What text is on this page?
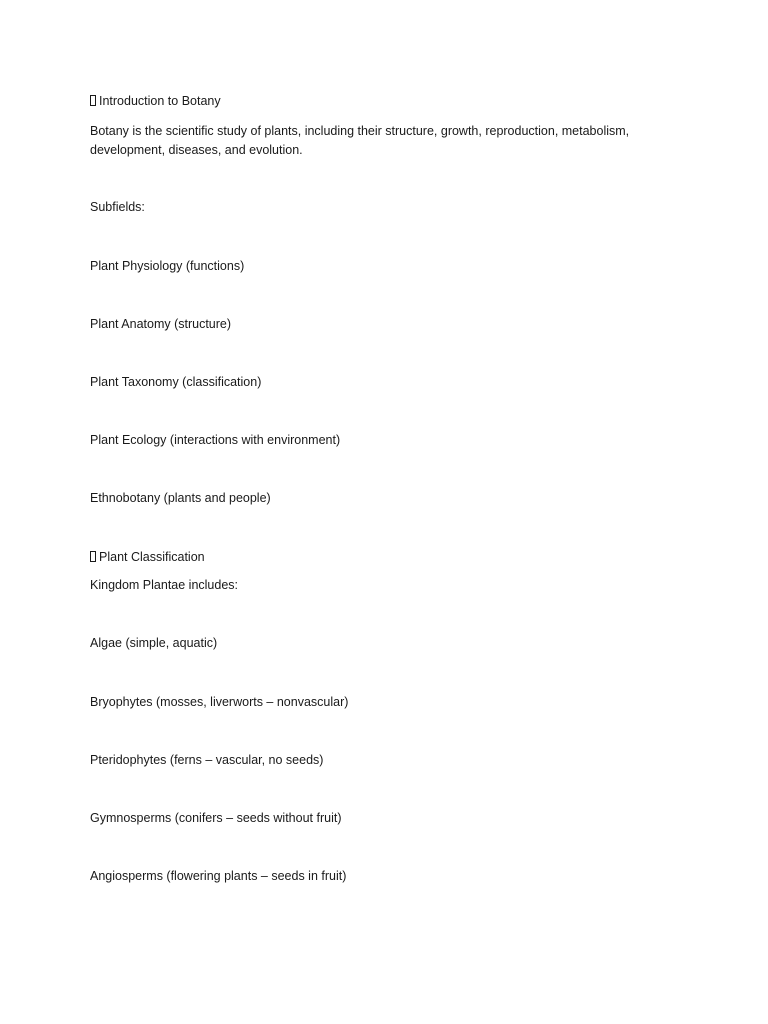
Introduction to Botany
Botany is the scientific study of plants, including their structure, growth, reproduction, metabolism, development, diseases, and evolution.
Subfields:
Plant Physiology (functions)
Plant Anatomy (structure)
Plant Taxonomy (classification)
Plant Ecology (interactions with environment)
Ethnobotany (plants and people)
Plant Classification
Kingdom Plantae includes:
Algae (simple, aquatic)
Bryophytes (mosses, liverworts – nonvascular)
Pteridophytes (ferns – vascular, no seeds)
Gymnosperms (conifers – seeds without fruit)
Angiosperms (flowering plants – seeds in fruit)
